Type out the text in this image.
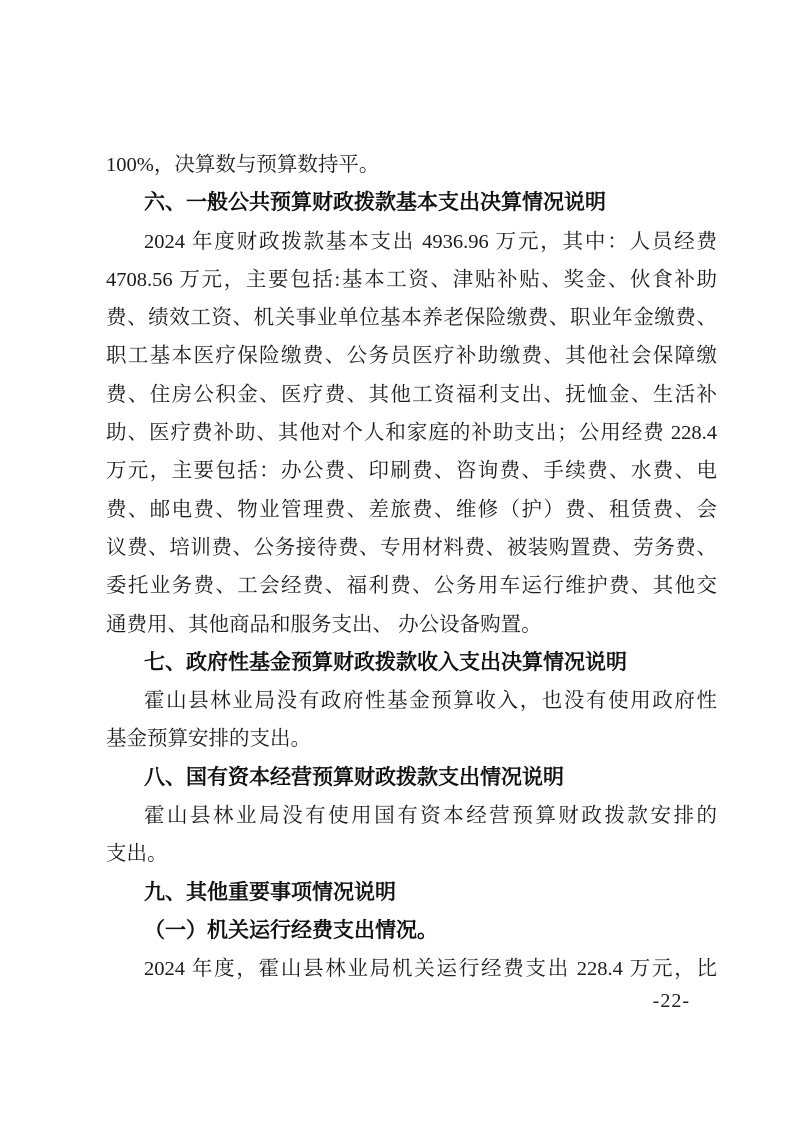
100%，决算数与预算数持平。
六、一般公共预算财政拨款基本支出决算情况说明
2024 年度财政拨款基本支出 4936.96 万元，其中：人员经费
4708.56 万元，主要包括:基本工资、津贴补贴、奖金、伙食补助
费、绩效工资、机关事业单位基本养老保险缴费、职业年金缴费、
职工基本医疗保险缴费、公务员医疗补助缴费、其他社会保障缴
费、住房公积金、医疗费、其他工资福利支出、抚恤金、生活补
助、医疗费补助、其他对个人和家庭的补助支出；公用经费 228.4
万元，主要包括：办公费、印刷费、咨询费、手续费、水费、电
费、邮电费、物业管理费、差旅费、维修（护）费、租赁费、会
议费、培训费、公务接待费、专用材料费、被装购置费、劳务费、
委托业务费、工会经费、福利费、公务用车运行维护费、其他交
通费用、其他商品和服务支出、 办公设备购置。
七、政府性基金预算财政拨款收入支出决算情况说明
霍山县林业局没有政府性基金预算收入，也没有使用政府性
基金预算安排的支出。
八、国有资本经营预算财政拨款支出情况说明
霍山县林业局没有使用国有资本经营预算财政拨款安排的
支出。
九、其他重要事项情况说明
（一）机关运行经费支出情况。
2024 年度，霍山县林业局机关运行经费支出 228.4 万元，比
-22-
